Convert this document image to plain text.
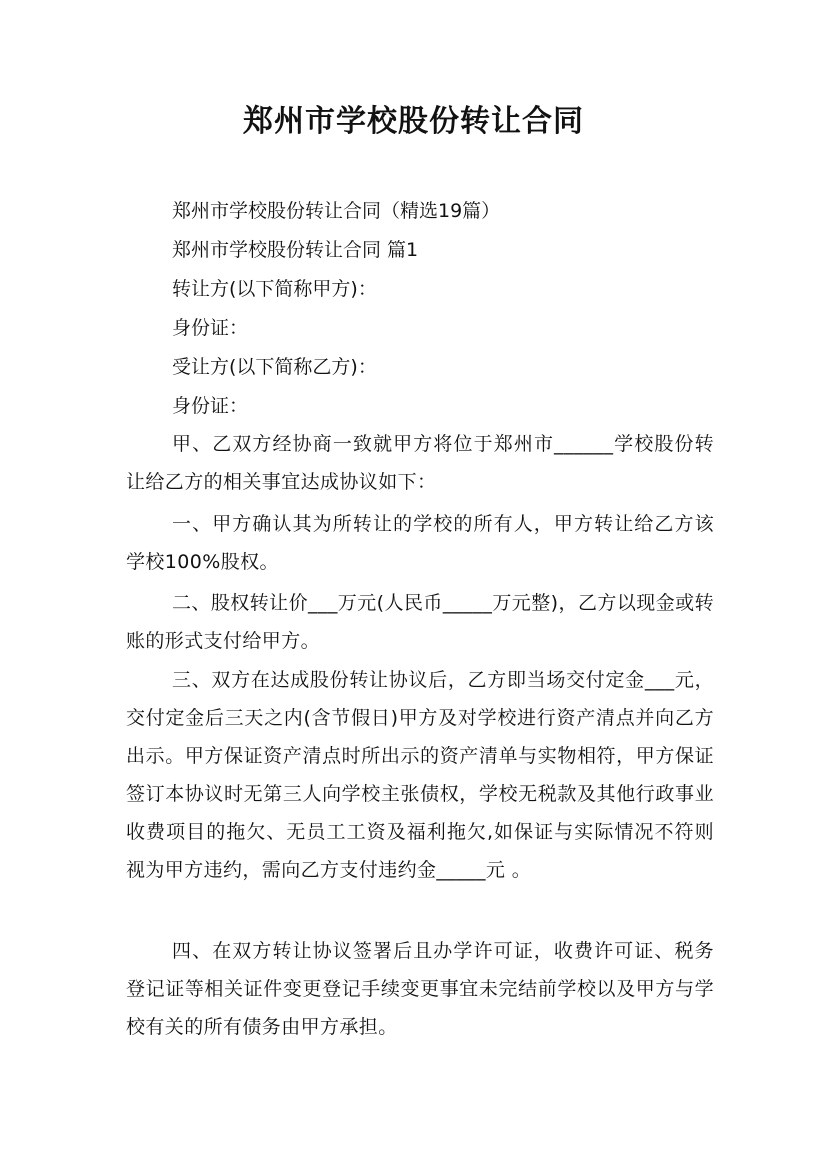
郑州市学校股份转让合同
郑州市学校股份转让合同（精选19篇）
郑州市学校股份转让合同 篇1
转让方(以下简称甲方)：
身份证：
受让方(以下简称乙方)：
身份证：
甲、乙双方经协商一致就甲方将位于郑州市______学校股份转让给乙方的相关事宜达成协议如下：
一、甲方确认其为所转让的学校的所有人，甲方转让给乙方该学校100%股权。
二、股权转让价___万元(人民币_____万元整)，乙方以现金或转账的形式支付给甲方。
三、双方在达成股份转让协议后，乙方即当场交付定金___元，交付定金后三天之内(含节假日)甲方及对学校进行资产清点并向乙方出示。甲方保证资产清点时所出示的资产清单与实物相符，甲方保证签订本协议时无第三人向学校主张债权，学校无税款及其他行政事业收费项目的拖欠、无员工工资及福利拖欠,如保证与实际情况不符则视为甲方违约，需向乙方支付违约金_____元 。
四、在双方转让协议签署后且办学许可证，收费许可证、税务登记证等相关证件变更登记手续变更事宜未完结前学校以及甲方与学校有关的所有债务由甲方承担。
